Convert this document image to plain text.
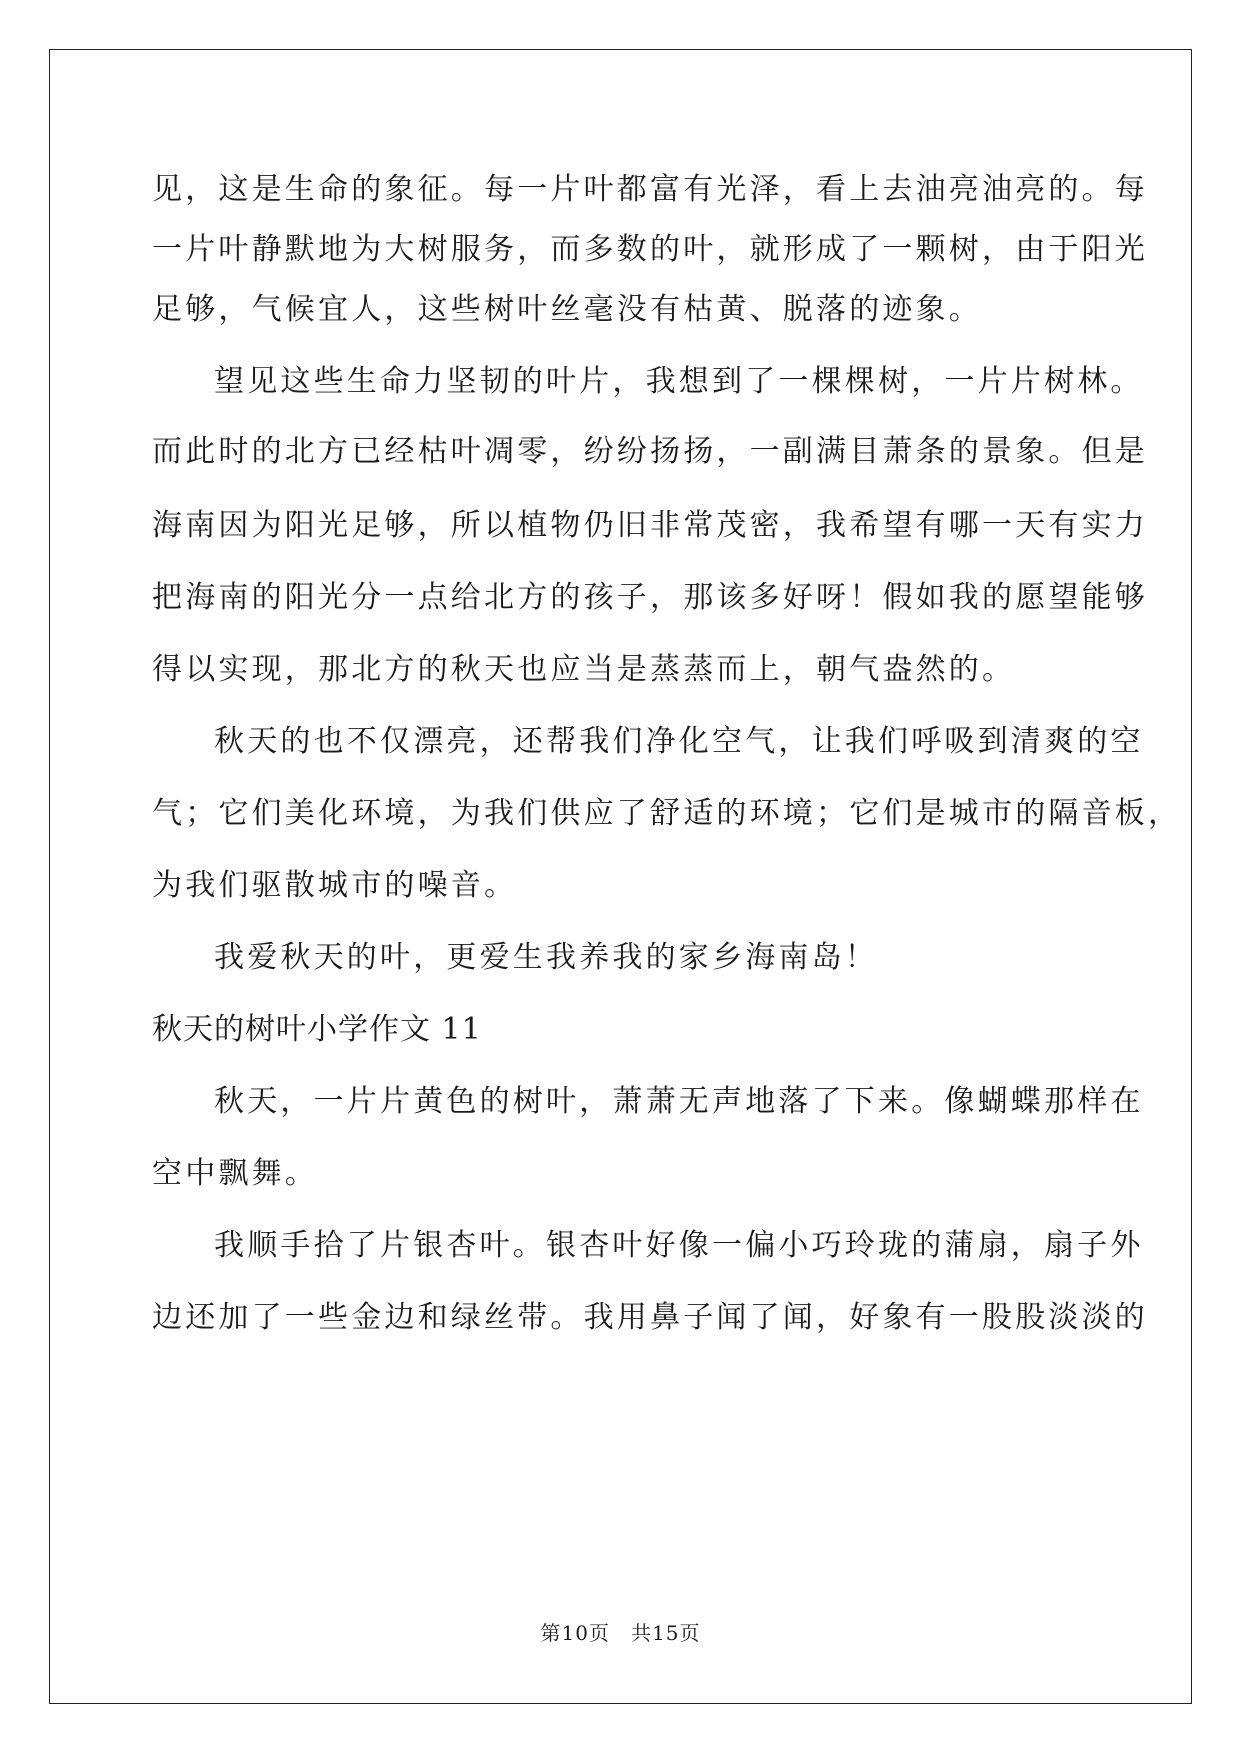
见，这是生命的象征。每一片叶都富有光泽，看上去油亮油亮的。每
一片叶静默地为大树服务，而多数的叶，就形成了一颗树，由于阳光
足够，气候宜人，这些树叶丝毫没有枯黄、脱落的迹象。
望见这些生命力坚韧的叶片，我想到了一棵棵树，一片片树林。
而此时的北方已经枯叶凋零，纷纷扬扬，一副满目萧条的景象。但是
海南因为阳光足够，所以植物仍旧非常茂密，我希望有哪一天有实力
把海南的阳光分一点给北方的孩子，那该多好呀！假如我的愿望能够
得以实现，那北方的秋天也应当是蒸蒸而上，朝气盎然的。
秋天的也不仅漂亮，还帮我们净化空气，让我们呼吸到清爽的空
气；它们美化环境，为我们供应了舒适的环境；它们是城市的隔音板，
为我们驱散城市的噪音。
我爱秋天的叶，更爱生我养我的家乡海南岛！
秋天的树叶小学作文 11
秋天，一片片黄色的树叶，萧萧无声地落了下来。像蝴蝶那样在
空中飘舞。
我顺手拾了片银杏叶。银杏叶好像一偏小巧玲珑的蒲扇，扇子外
边还加了一些金边和绿丝带。我用鼻子闻了闻，好象有一股股淡淡的
第10页　共15页
